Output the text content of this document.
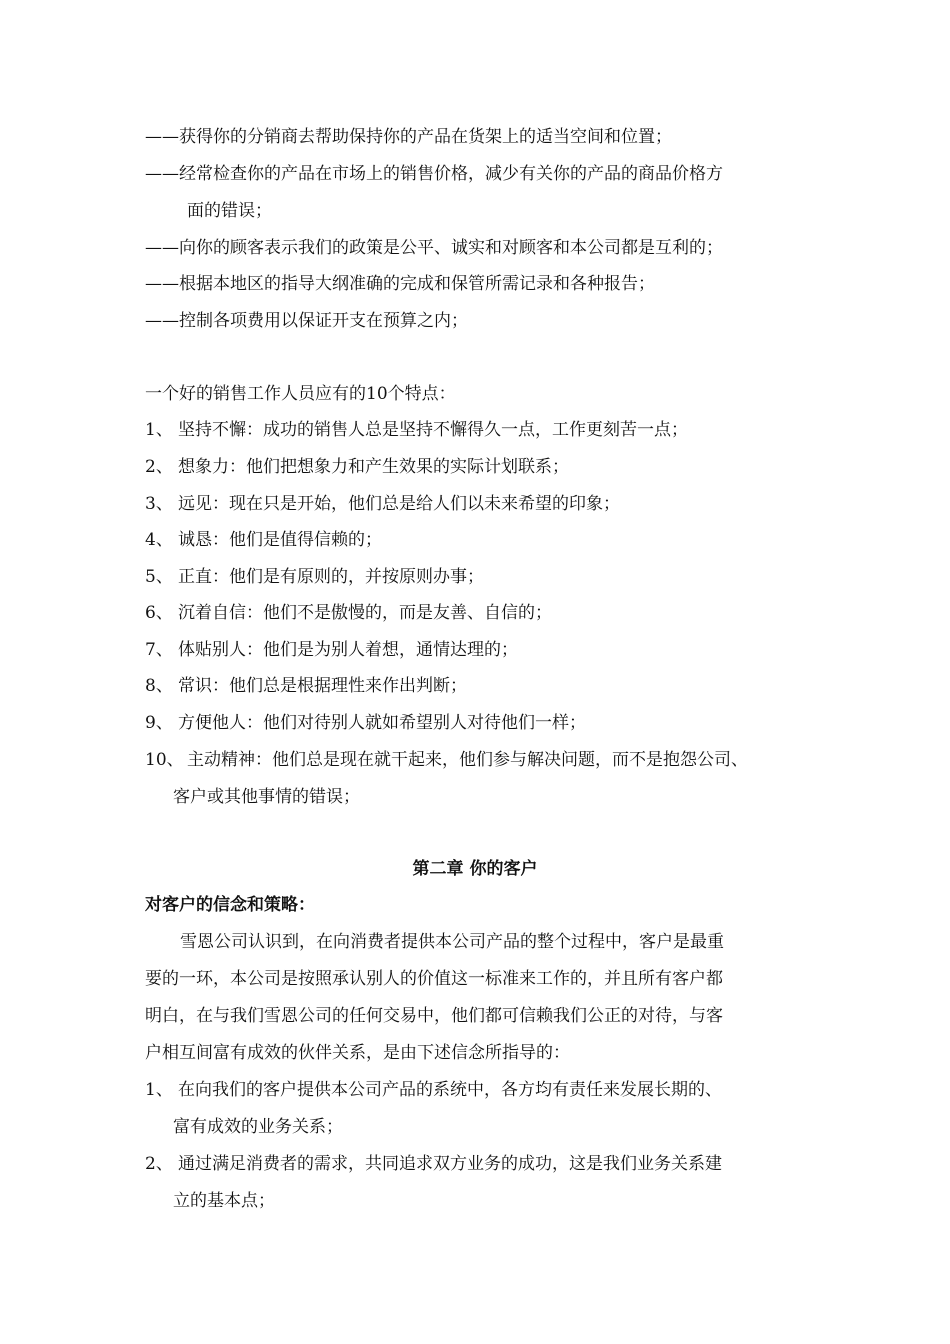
——获得你的分销商去帮助保持你的产品在货架上的适当空间和位置；
——经常检查你的产品在市场上的销售价格，减少有关你的产品的商品价格方
面的错误；
——向你的顾客表示我们的政策是公平、诚实和对顾客和本公司都是互利的；
——根据本地区的指导大纲准确的完成和保管所需记录和各种报告；
——控制各项费用以保证开支在预算之内；
一个好的销售工作人员应有的10个特点：
1、 坚持不懈：成功的销售人总是坚持不懈得久一点，工作更刻苦一点；
2、 想象力：他们把想象力和产生效果的实际计划联系；
3、 远见：现在只是开始，他们总是给人们以未来希望的印象；
4、 诚恳：他们是值得信赖的；
5、 正直：他们是有原则的，并按原则办事；
6、 沉着自信：他们不是傲慢的，而是友善、自信的；
7、 体贴别人：他们是为别人着想，通情达理的；
8、 常识：他们总是根据理性来作出判断；
9、 方便他人：他们对待别人就如希望别人对待他们一样；
10、 主动精神：他们总是现在就干起来，他们参与解决问题，而不是抱怨公司、
客户或其他事情的错误；
第二章 你的客户
对客户的信念和策略：
雪恩公司认识到，在向消费者提供本公司产品的整个过程中，客户是最重
要的一环，本公司是按照承认别人的价值这一标准来工作的，并且所有客户都
明白，在与我们雪恩公司的任何交易中，他们都可信赖我们公正的对待，与客
户相互间富有成效的伙伴关系，是由下述信念所指导的：
1、 在向我们的客户提供本公司产品的系统中，各方均有责任来发展长期的、
富有成效的业务关系；
2、 通过满足消费者的需求，共同追求双方业务的成功，这是我们业务关系建
立的基本点；
